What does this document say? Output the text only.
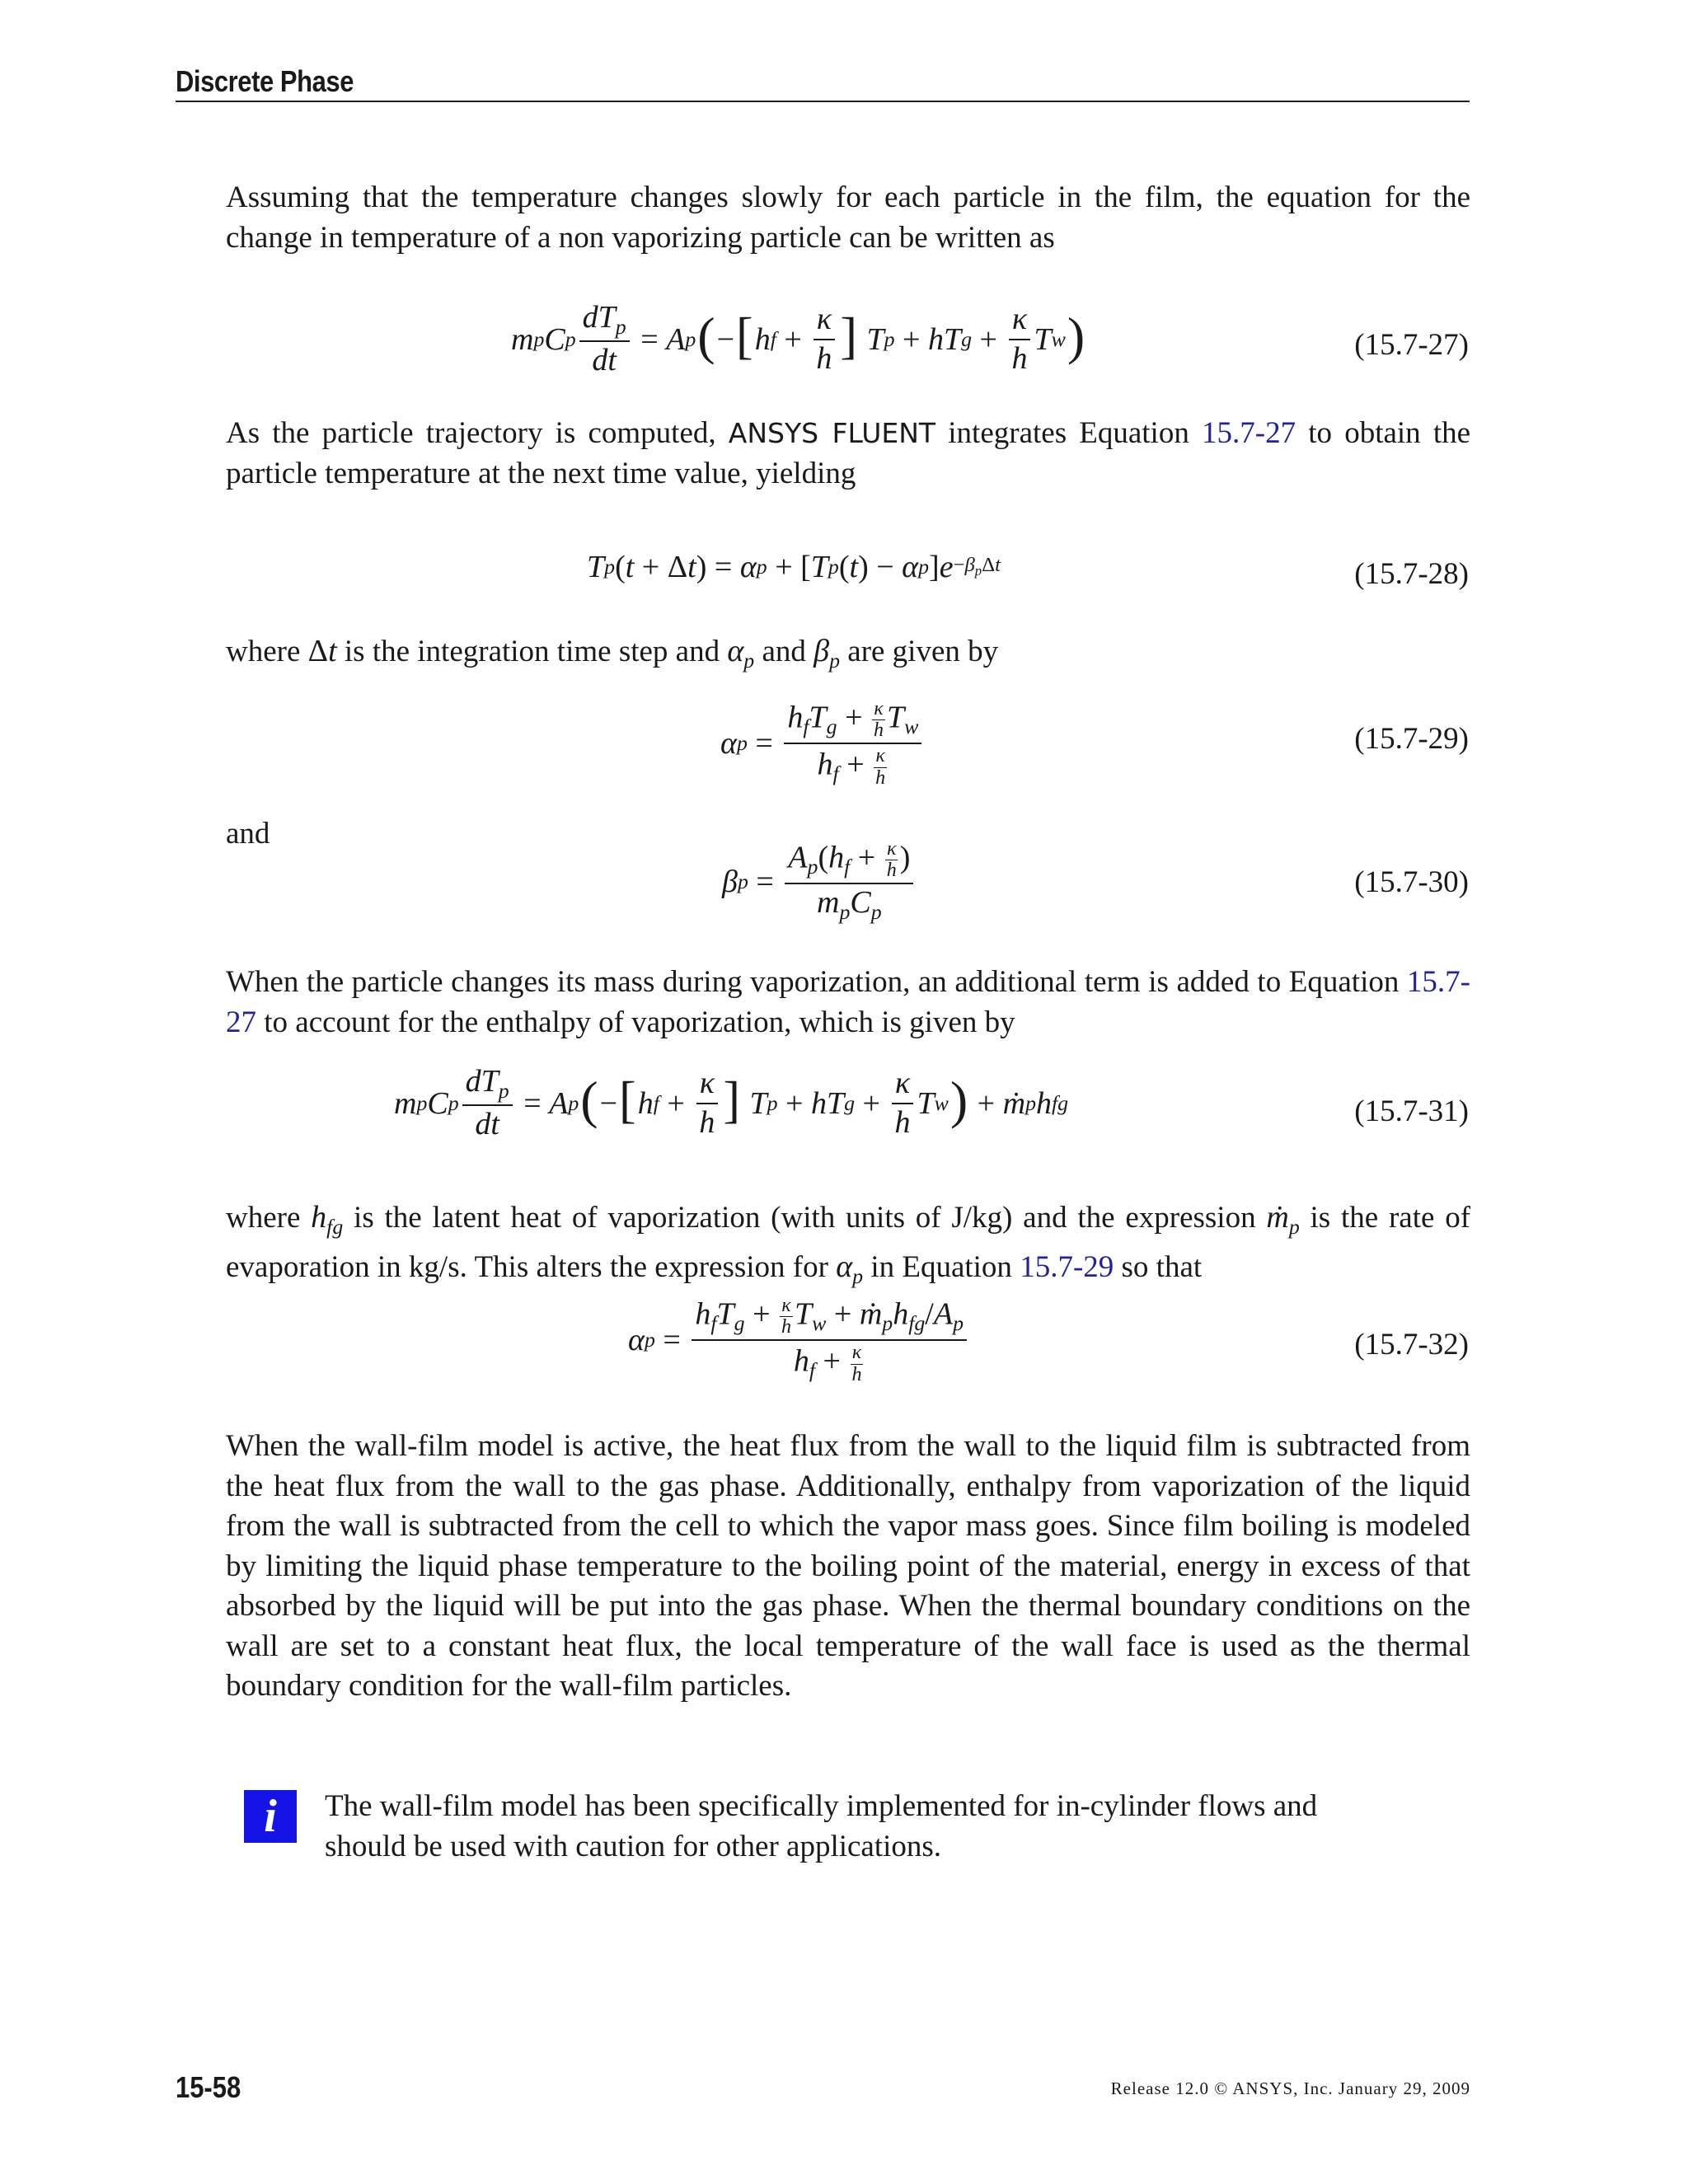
Discrete Phase
Assuming that the temperature changes slowly for each particle in the film, the equation for the change in temperature of a non vaporizing particle can be written as
m p C p $\frac{dT_p}{dt} = A$ p ( − [ h $f + \frac{\kappa}{h}$ ]
T p + hT $g + \frac{\kappa}{h}$ T w )	(15.7-27)
As the particle trajectory is computed, ANSYS FLUENT integrates Equation 15.7-27 to obtain the particle temperature at the next time value, yielding
T p ( t + Δ t ) = α p + [ T p ( t ) − α p ] $e -\beta_p\Delta t$	(15.7-28)
where Δt is the integration time step and $\alpha_p$ and $\beta_p$ are given by
α $p = \frac{h_fT_g + \frac{\kappa}{h} T_w}{h_f + \frac{\kappa}{h}}$	(15.7-29)
and
β $p = \frac{A_p(h_f + \frac{\kappa}{h} )}{m_pC_p}$	(15.7-30)
When the particle changes its mass during vaporization, an additional term is added to Equation 15.7-27 to account for the enthalpy of vaporization, which is given by
m p C p $\frac{dT_p}{dt} = A$ p ( − [ h $f + \frac{\kappa}{h}$ ]
T p + hT $g + \frac{\kappa}{h}$ T w ) + ṁ p h fg	(15.7-31)
where $h_{fg}$ is the latent heat of vaporization (with units of J/kg) and the expression ṁ$_p$ is the rate of evaporation in kg/s. This alters the expression for $\alpha_p$ in Equation 15.7-29 so that
α $p = \frac{h_fT_g + \frac{\kappa}{h} T_w + ṁ_ph_{fg}/A_p}{h_f + \frac{\kappa}{h}}$	(15.7-32)
When the wall-film model is active, the heat flux from the wall to the liquid film is subtracted from the heat flux from the wall to the gas phase. Additionally, enthalpy from vaporization of the liquid from the wall is subtracted from the cell to which the vapor mass goes. Since film boiling is modeled by limiting the liquid phase temperature to the boiling point of the material, energy in excess of that absorbed by the liquid will be put into the gas phase. When the thermal boundary conditions on the wall are set to a constant heat flux, the local temperature of the wall face is used as the thermal boundary condition for the wall-film particles.
i	The wall-film model has been specifically implemented for in-cylinder flows and should be used with caution for other applications.
15-58	Release 12.0 © ANSYS, Inc. January 29, 2009
